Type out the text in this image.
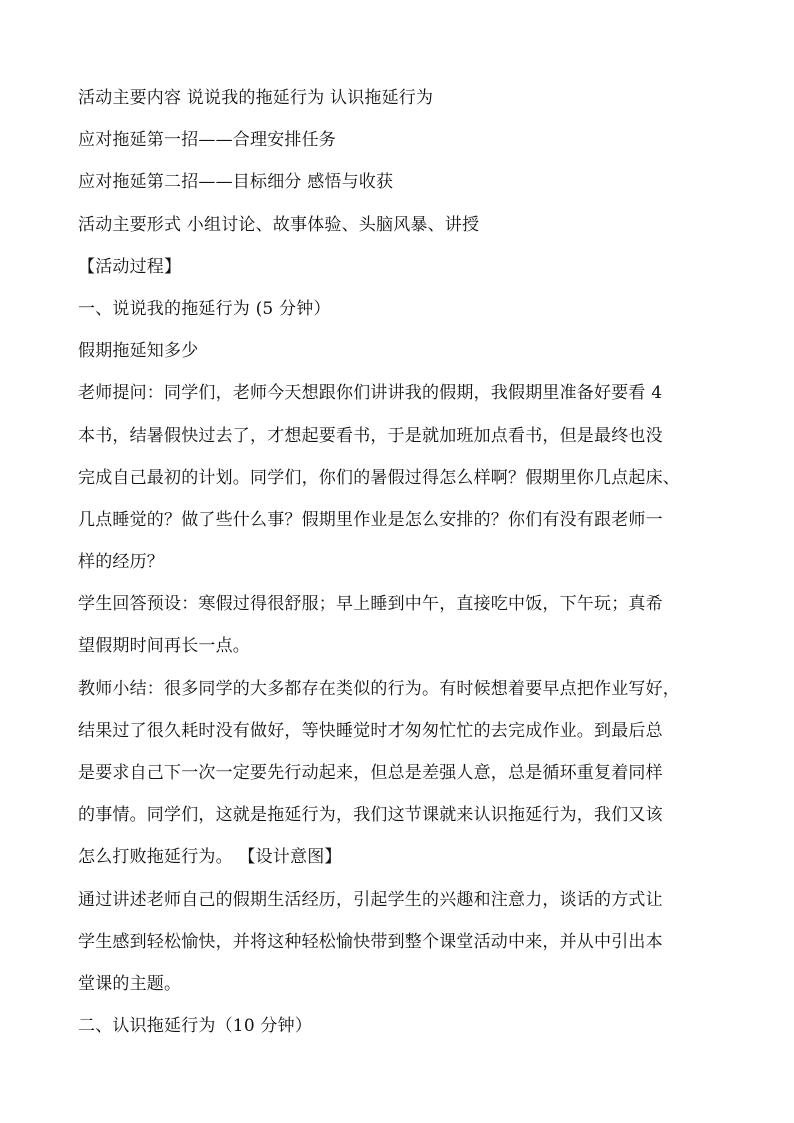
活动主要内容 说说我的拖延行为 认识拖延行为
应对拖延第一招——合理安排任务
应对拖延第二招——目标细分 感悟与收获
活动主要形式 小组讨论、故事体验、头脑风暴、讲授
【活动过程】
一、说说我的拖延行为 (5 分钟）
假期拖延知多少
老师提问：同学们，老师今天想跟你们讲讲我的假期，我假期里准备好要看 4
本书，结暑假快过去了，才想起要看书，于是就加班加点看书，但是最终也没
完成自己最初的计划。同学们，你们的暑假过得怎么样啊？假期里你几点起床、
几点睡觉的？做了些什么事？假期里作业是怎么安排的？你们有没有跟老师一
样的经历？
学生回答预设：寒假过得很舒服；早上睡到中午，直接吃中饭，下午玩；真希
望假期时间再长一点。
教师小结：很多同学的大多都存在类似的行为。有时候想着要早点把作业写好，
结果过了很久耗时没有做好，等快睡觉时才匆匆忙忙的去完成作业。到最后总
是要求自己下一次一定要先行动起来，但总是差强人意，总是循环重复着同样
的事情。同学们，这就是拖延行为，我们这节课就来认识拖延行为，我们又该
怎么打败拖延行为。 【设计意图】
通过讲述老师自己的假期生活经历，引起学生的兴趣和注意力，谈话的方式让
学生感到轻松愉快，并将这种轻松愉快带到整个课堂活动中来，并从中引出本
堂课的主题。
二、认识拖延行为（10 分钟）
